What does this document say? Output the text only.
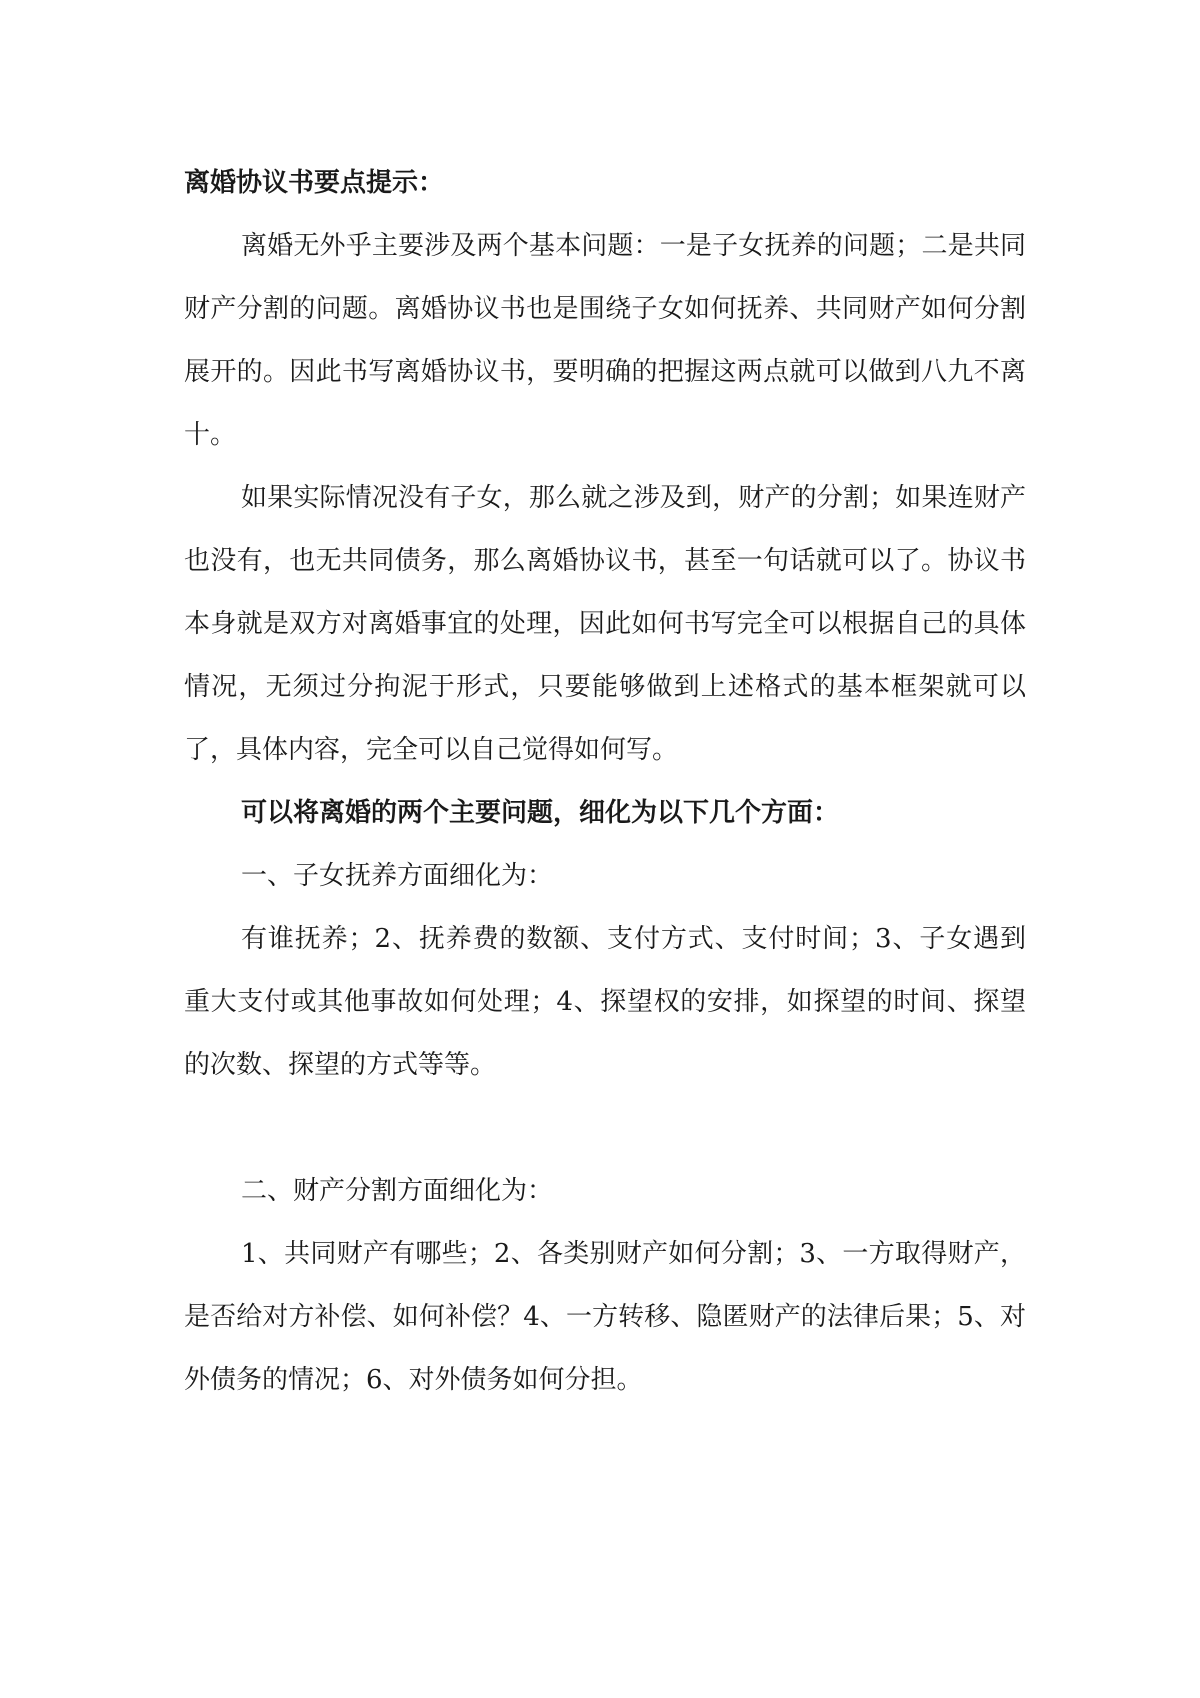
离婚协议书要点提示：

离婚无外乎主要涉及两个基本问题：一是子女抚养的问题；二是共同财产分割的问题。离婚协议书也是围绕子女如何抚养、共同财产如何分割展开的。因此书写离婚协议书，要明确的把握这两点就可以做到八九不离十。

如果实际情况没有子女，那么就之涉及到，财产的分割；如果连财产也没有，也无共同债务，那么离婚协议书，甚至一句话就可以了。协议书本身就是双方对离婚事宜的处理，因此如何书写完全可以根据自己的具体情况，无须过分拘泥于形式，只要能够做到上述格式的基本框架就可以了，具体内容，完全可以自己觉得如何写。

可以将离婚的两个主要问题，细化为以下几个方面：

一、子女抚养方面细化为：

有谁抚养；2、抚养费的数额、支付方式、支付时间；3、子女遇到重大支付或其他事故如何处理；4、探望权的安排，如探望的时间、探望的次数、探望的方式等等。

二、财产分割方面细化为：

1、共同财产有哪些；2、各类别财产如何分割；3、一方取得财产，是否给对方补偿、如何补偿？4、一方转移、隐匿财产的法律后果；5、对外债务的情况；6、对外债务如何分担。
